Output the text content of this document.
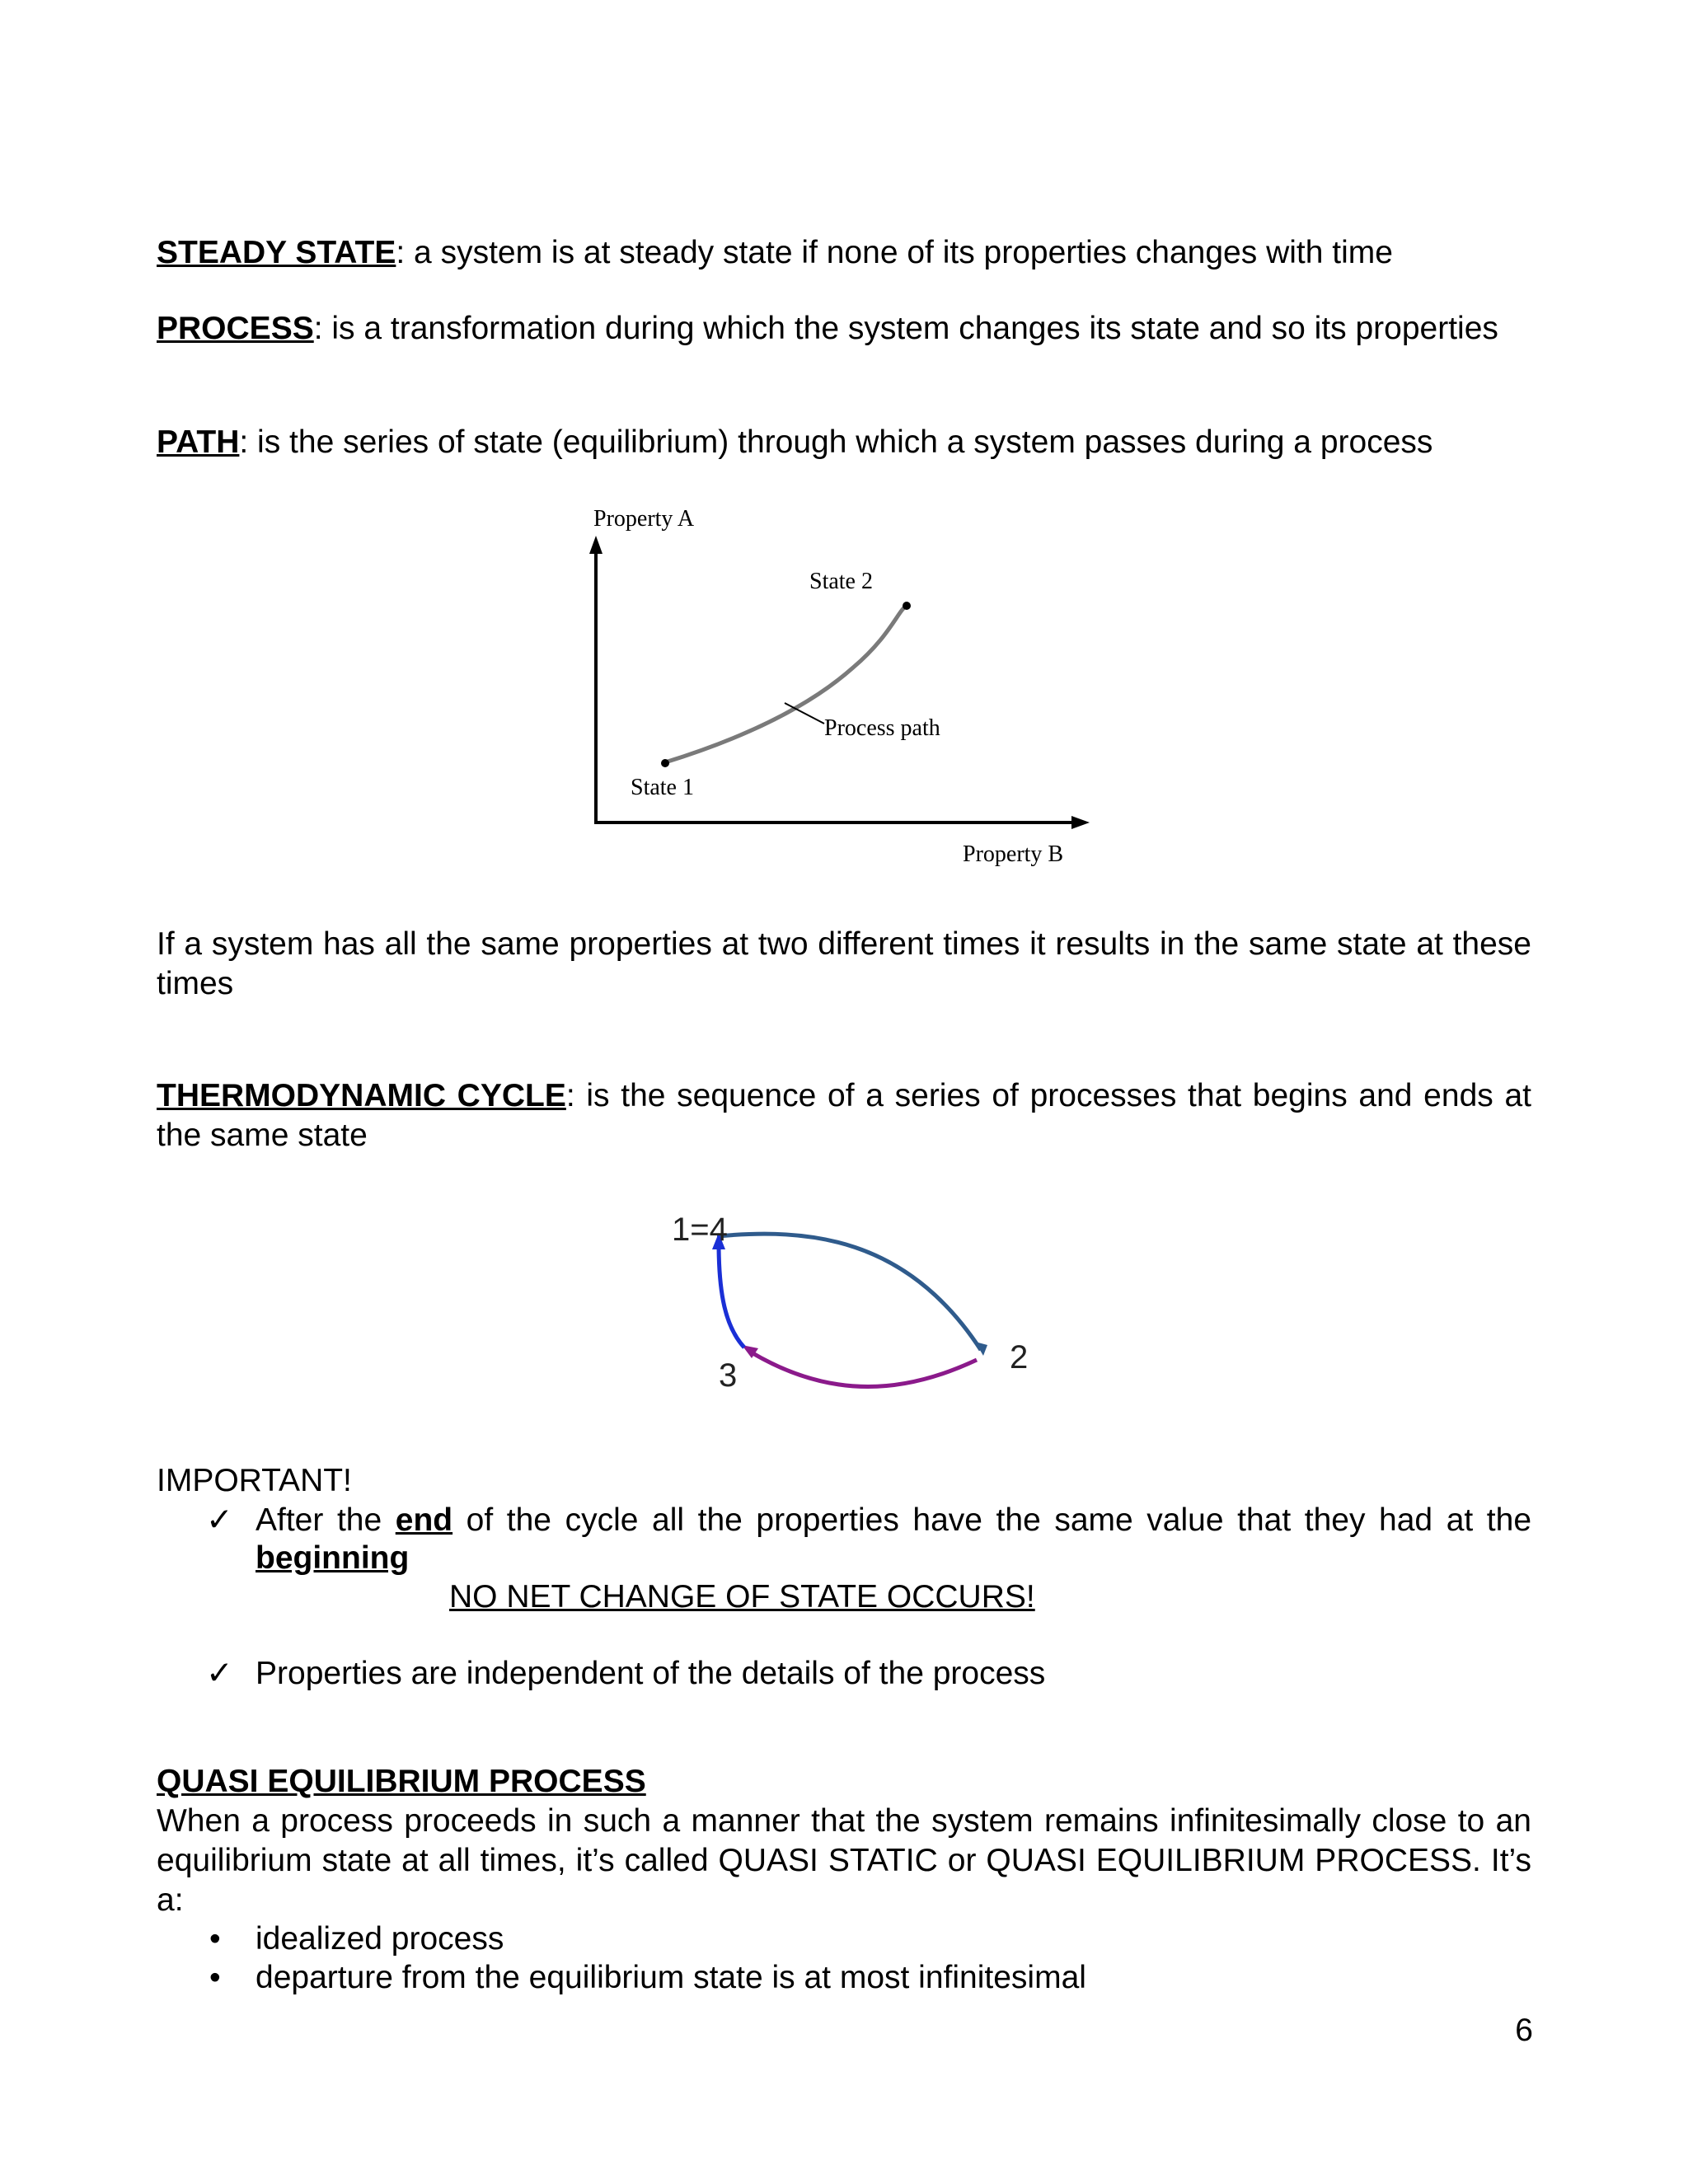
STEADY STATE: a system is at steady state if none of its properties changes with time
PROCESS: is a transformation during which the system changes its state and so its properties
PATH: is the series of state (equilibrium) through which a system passes during a process
Property A
Property B
State 1
State 2
Process path
If a system has all the same properties at two different times it results in the same state at these times
THERMODYNAMIC CYCLE: is the sequence of a series of processes that begins and ends at the same state
1=4
2
3
IMPORTANT!
✓ After the end of the cycle all the properties have the same value that they had at the beginning
NO NET CHANGE OF STATE OCCURS!
✓ Properties are independent of the details of the process
QUASI EQUILIBRIUM PROCESS
When a process proceeds in such a manner that the system remains infinitesimally close to an equilibrium state at all times, it’s called QUASI STATIC or QUASI EQUILIBRIUM PROCESS. It’s a:
• idealized process
• departure from the equilibrium state is at most infinitesimal
6
